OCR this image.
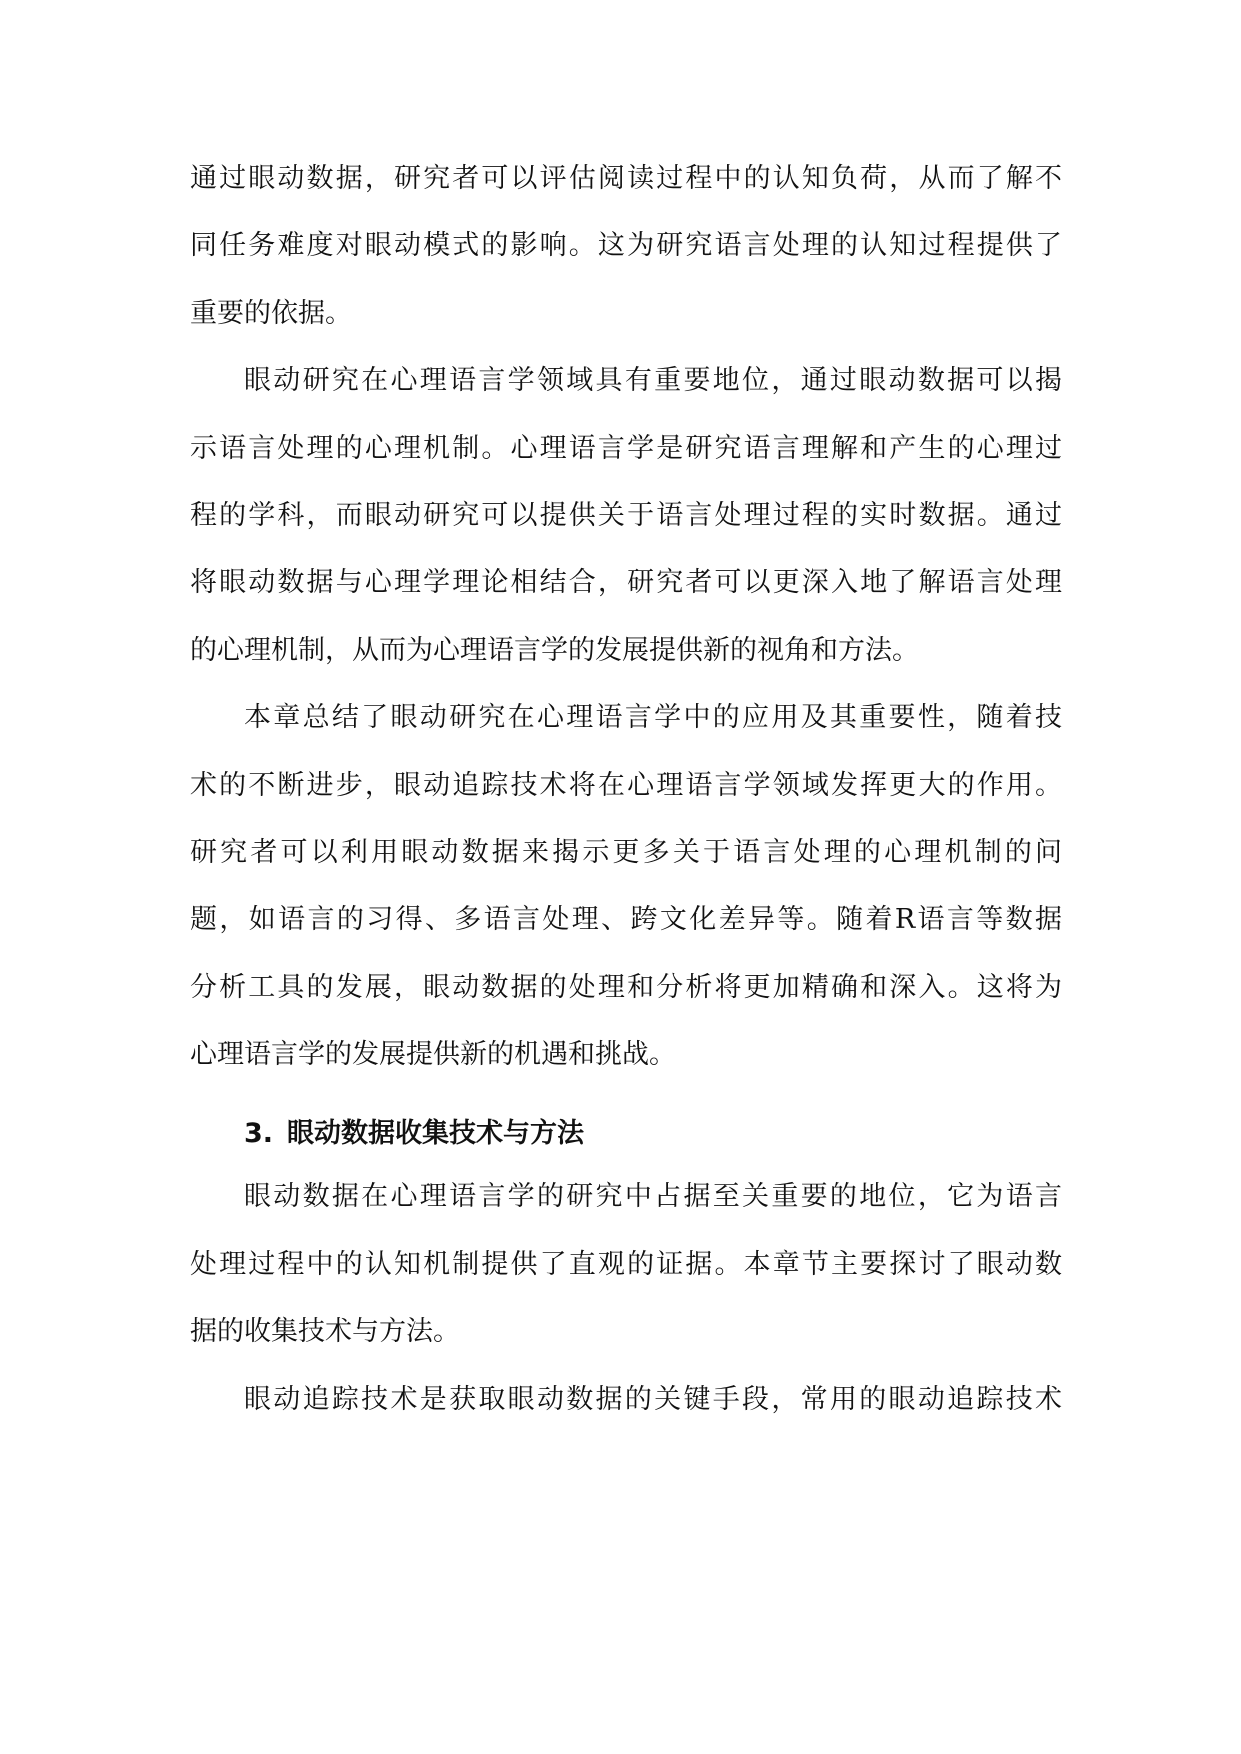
通过眼动数据，研究者可以评估阅读过程中的认知负荷，从而了解不
同任务难度对眼动模式的影响。这为研究语言处理的认知过程提供了
重要的依据。
眼动研究在心理语言学领域具有重要地位，通过眼动数据可以揭
示语言处理的心理机制。心理语言学是研究语言理解和产生的心理过
程的学科，而眼动研究可以提供关于语言处理过程的实时数据。通过
将眼动数据与心理学理论相结合，研究者可以更深入地了解语言处理
的心理机制，从而为心理语言学的发展提供新的视角和方法。
本章总结了眼动研究在心理语言学中的应用及其重要性，随着技
术的不断进步，眼动追踪技术将在心理语言学领域发挥更大的作用。
研究者可以利用眼动数据来揭示更多关于语言处理的心理机制的问
题，如语言的习得、多语言处理、跨文化差异等。随着R语言等数据
分析工具的发展，眼动数据的处理和分析将更加精确和深入。这将为
心理语言学的发展提供新的机遇和挑战。
3. 眼动数据收集技术与方法
眼动数据在心理语言学的研究中占据至关重要的地位，它为语言
处理过程中的认知机制提供了直观的证据。本章节主要探讨了眼动数
据的收集技术与方法。
眼动追踪技术是获取眼动数据的关键手段，常用的眼动追踪技术
